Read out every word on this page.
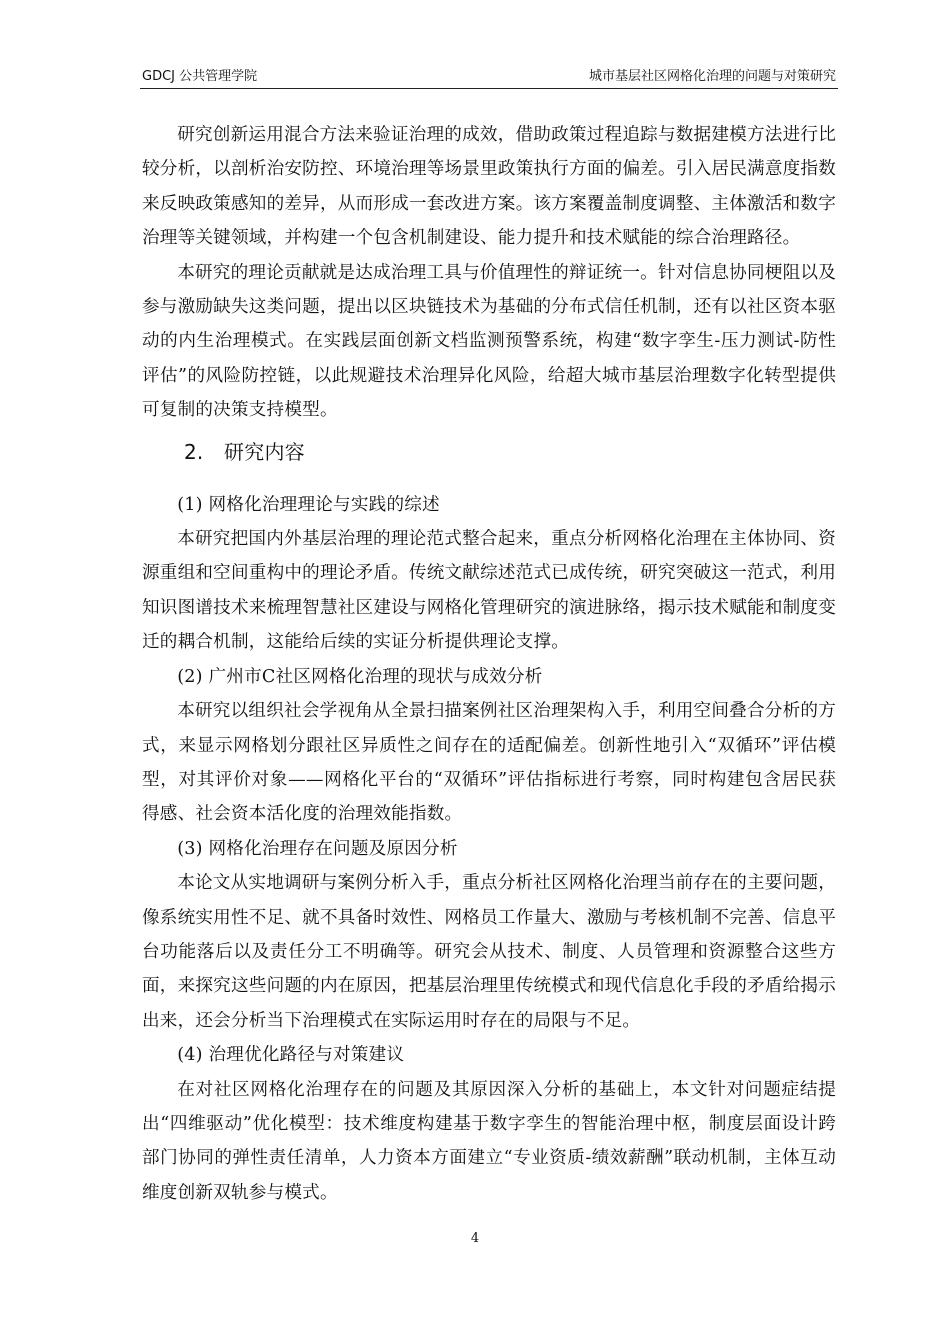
GDCJ 公共管理学院	城市基层社区网格化治理的问题与对策研究

研究创新运用混合方法来验证治理的成效，借助政策过程追踪与数据建模方法进行比较分析，以剖析治安防控、环境治理等场景里政策执行方面的偏差。引入居民满意度指数来反映政策感知的差异，从而形成一套改进方案。该方案覆盖制度调整、主体激活和数字治理等关键领域，并构建一个包含机制建设、能力提升和技术赋能的综合治理路径。

本研究的理论贡献就是达成治理工具与价值理性的辩证统一。针对信息协同梗阻以及参与激励缺失这类问题，提出以区块链技术为基础的分布式信任机制，还有以社区资本驱动的内生治理模式。在实践层面创新文档监测预警系统，构建“数字孪生-压力测试-防性评估”的风险防控链，以此规避技术治理异化风险，给超大城市基层治理数字化转型提供可复制的决策支持模型。

2. 研究内容

(1) 网格化治理理论与实践的综述

本研究把国内外基层治理的理论范式整合起来，重点分析网格化治理在主体协同、资源重组和空间重构中的理论矛盾。传统文献综述范式已成传统，研究突破这一范式，利用知识图谱技术来梳理智慧社区建设与网格化管理研究的演进脉络，揭示技术赋能和制度变迁的耦合机制，这能给后续的实证分析提供理论支撑。

(2) 广州市C社区网格化治理的现状与成效分析

本研究以组织社会学视角从全景扫描案例社区治理架构入手，利用空间叠合分析的方式，来显示网格划分跟社区异质性之间存在的适配偏差。创新性地引入“双循环”评估模型，对其评价对象——网格化平台的“双循环”评估指标进行考察，同时构建包含居民获得感、社会资本活化度的治理效能指数。

(3) 网格化治理存在问题及原因分析

本论文从实地调研与案例分析入手，重点分析社区网格化治理当前存在的主要问题，像系统实用性不足、就不具备时效性、网格员工作量大、激励与考核机制不完善、信息平台功能落后以及责任分工不明确等。研究会从技术、制度、人员管理和资源整合这些方面，来探究这些问题的内在原因，把基层治理里传统模式和现代信息化手段的矛盾给揭示出来，还会分析当下治理模式在实际运用时存在的局限与不足。

(4) 治理优化路径与对策建议

在对社区网格化治理存在的问题及其原因深入分析的基础上，本文针对问题症结提出“四维驱动”优化模型：技术维度构建基于数字孪生的智能治理中枢，制度层面设计跨部门协同的弹性责任清单，人力资本方面建立“专业资质-绩效薪酬”联动机制，主体互动维度创新双轨参与模式。

4
